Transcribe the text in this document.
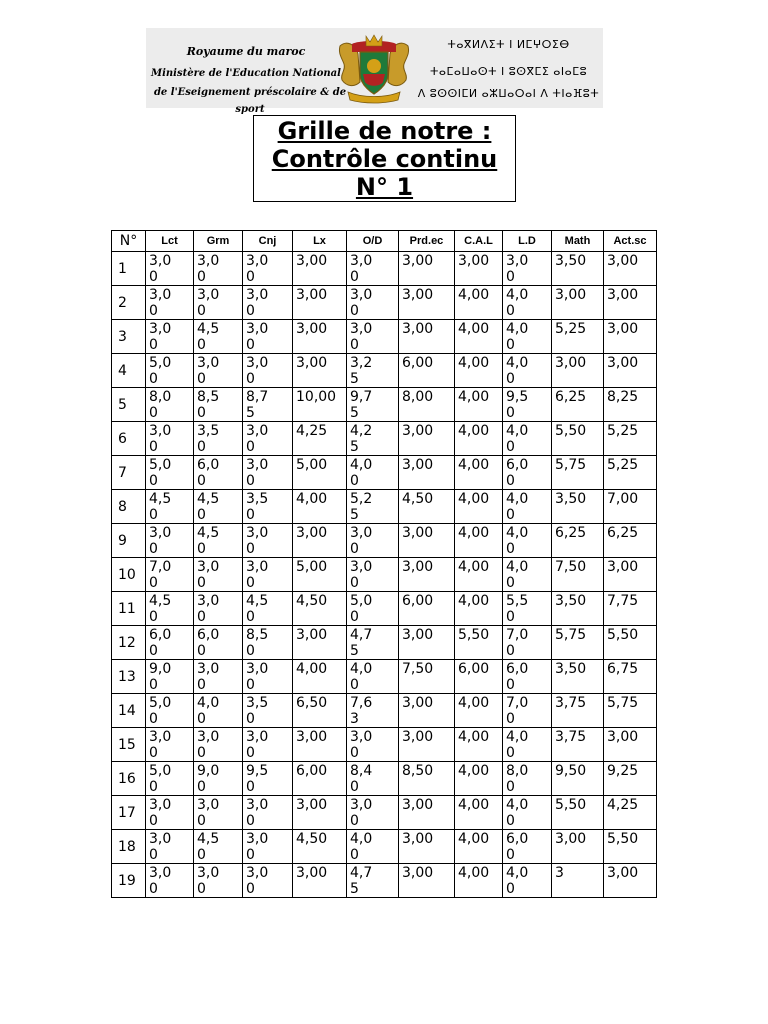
Royaume du maroc
Ministère de l'Education National
de l'Eseignement préscolaire & de sport
ⵜⴰⴳⵍⴷⵉⵜ ⵏ ⵍⵎⵖⵔⵉⴱ
ⵜⴰⵎⴰⵡⴰⵙⵜ ⵏ ⵓⵙⴳⵎⵉ ⴰⵏⴰⵎⵓ
ⴷ ⵓⵙⵙⵏⵎⵍ ⴰⵣⵡⴰⵔⴰⵏ ⴷ ⵜⵏⴰⴼⵓⵜ
Grille de notre :
Contrôle continu
N° 1
N°	Lct	Grm	Cnj	Lx	O/D	Prd.ec	C.A.L	L.D	Math	Act.sc
1	3,00	3,00	3,00	3,00	3,00	3,00	3,00	3,00	3,50	3,00

2	3,00	3,00	3,00	3,00	3,00	3,00	4,00	4,00	3,00	3,00

3	3,00	4,50	3,00	3,00	3,00	3,00	4,00	4,00	5,25	3,00

4	5,00	3,00	3,00	3,00	3,25	6,00	4,00	4,00	3,00	3,00

5	8,00	8,50	8,75	10,00	9,75	8,00	4,00	9,50	6,25	8,25

6	3,00	3,50	3,00	4,25	4,25	3,00	4,00	4,00	5,50	5,25

7	5,00	6,00	3,00	5,00	4,00	3,00	4,00	6,00	5,75	5,25

8	4,50	4,50	3,50	4,00	5,25	4,50	4,00	4,00	3,50	7,00

9	3,00	4,50	3,00	3,00	3,00	3,00	4,00	4,00	6,25	6,25

10	7,00	3,00	3,00	5,00	3,00	3,00	4,00	4,00	7,50	3,00

11	4,50	3,00	4,50	4,50	5,00	6,00	4,00	5,50	3,50	7,75

12	6,00	6,00	8,50	3,00	4,75	3,00	5,50	7,00	5,75	5,50

13	9,00	3,00	3,00	4,00	4,00	7,50	6,00	6,00	3,50	6,75

14	5,00	4,00	3,50	6,50	7,63	3,00	4,00	7,00	3,75	5,75

15	3,00	3,00	3,00	3,00	3,00	3,00	4,00	4,00	3,75	3,00

16	5,00	9,00	9,50	6,00	8,40	8,50	4,00	8,00	9,50	9,25

17	3,00	3,00	3,00	3,00	3,00	3,00	4,00	4,00	5,50	4,25

18	3,00	4,50	3,00	4,50	4,00	3,00	4,00	6,00	3,00	5,50

19	3,00	3,00	3,00	3,00	4,75	3,00	4,00	4,00	3	3,00
